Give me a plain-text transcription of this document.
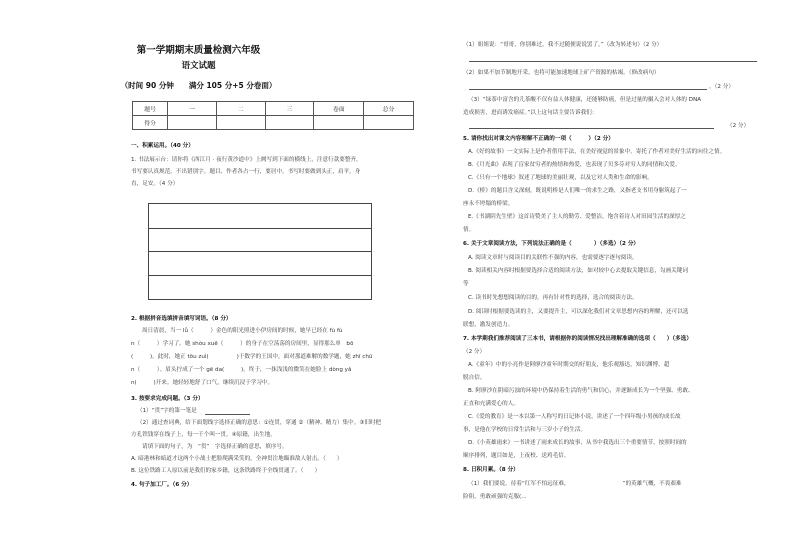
第一学期期末质量检测六年级
语文试题
（时间 90 分钟　　满分 105 分+5 分卷面）
题号	一	二	三	卷面	总分
得分					
一、积累运用。（40 分）
1. 书法展示台：请你将《西江月 · 夜行黄沙道中》上阙写到下面的横线上，注意行款要整齐，
书写要认真规范，不出错别字。题目、作者各占一行，要居中。书写时要做到头正，肩平，身
直，足安。（4 分）
2. 根据拼音选填拼音填写词语。（8 分）
周日清晨，当一 lǚ（　　　）金色的阳光照进小伊房间的时候，她早已经在 fù fù
n（　　　）学习了。她 shòu xuē（　　　）的身子在空荡荡的房间里，显得那么单　bō
(　　　)。此时，她正 tōu zuì(　　　　　)于数学的王国中，面对那道难解的数学题，她 zhī chū
n（　　　）。眉头拧成了一个 gē da(　　　)，终于，一抹浅浅的微笑在她脸上 dòng yǎ
n(　　　)开来。她轻轻地舒了口气，继续沉浸于学习中。
3. 按要求完成问题。（3 分）
（1）“贯”字的第一笔是
（2）通过查词典，给下面划线字选择正确的意思：①连贯，穿通 ②（精神、精力）集中。③旧时把
方孔铁钱穿在线子上，每一千个叫一贯。④原籍，出生地。
请填下面的句子，为　“贯”　字选择正确的意思，填序号。
A. 暗港林和暗道才这两个小战士把脸爬满采笑的，全神贯注地瞄准敌人射击。（　　）
B. 这位铁路工人原以前是我们的家乡籍，这条铁路终于全线贯通了。（　　）
4. 句子加工厂。（6 分）
（1）姐姐说：“哥哥，你别难过，我不过随便说说罢了。”（改为转述句）（2 分）
（2）如果不加节制地开采，也将可能加速地球上矿产资源的枯竭。（修改病句）
。（2 分）
（3）“绿茶中富含的儿茶酸不仅有益人体健康，还能够防癌，但是过量的摄入会对人体的 DNA
造成损害，进而诱发癌症。”以上这句话主要告诉我们：
（2 分）
5. 请你找出对课文内容理解不正确的一项（　　　）（2 分）
A.《好的故事》一文实际上是作者借用手法，在美好视觉的景象中，寄托了作者对美好生活的向往之情。
B.《月光曲》表现了盲家贫穷者的热情和热爱，也表现了贝多芬对穷人的同情和关爱。
C.《只有一个地球》叙述了地球的美丽壮观，以及它对人类和生命的影响。
D.《桥》的题目含义深刻，既说明桥是人们唯一的求生之路，又指老支书用身躯筑起了一
座永不垮塌的桥梁。
E.《书湖阴先生壁》这首诗赞美了主人的勤劳、爱整洁，饱含着诗人对田园生活的深厚之
情。
6. 关于文章阅读方法，下列说法正确的是（　　　　）（多选）（2 分）
A. 阅读文章时与阅读目的关联性不强的内容，也需要逐字逐句阅读。
B. 阅读相关内容时根据要选择合适的阅读方法，如对较中心去提取关键信息，勾画关键词
等
C. 读书时先想想阅读的目的，再有针对性的选择，选合的阅读方法。
D. 阅读时根据要选读的主，又要提升主，可以深化我们对文章思想内容的理解，还可以选
联想，激发创造力。
7. 本学期我们推荐阅读了三本书，请根据你的阅读情况找出理解准确的选项（　　）（多选）
（2 分）
A.《童年》中的小亮作是阿廖沙童年时期交的好朋友，他乐观豁达，知识渊博，超
脱自信。
B. 阿廖沙在阴暗污浊的环境中仍保持着生活的勇气和信心，并逐渐成长为一个坚强、勇敢、
正直和充满爱心的人。
C.《爱的教育》是一本以第一人称写的日记体小说，讲述了一个四年级小男孩的成长故
事，是他在学校的日常生活和与三岁小子的生活。
D.《小英雄雨来》一书讲述了雨来成长的故事，从书中我选出三个重要情节，按照时间的
顺序排列，题目如是，上夜校、送鸡毛信。
8. 日积月累。（8 分）
（1）我们要说，待着“红军不怕远征难，　　　　　　　　　　”的英雄气概，不畏艰难
险阻，勇敢顽强的克服(…
